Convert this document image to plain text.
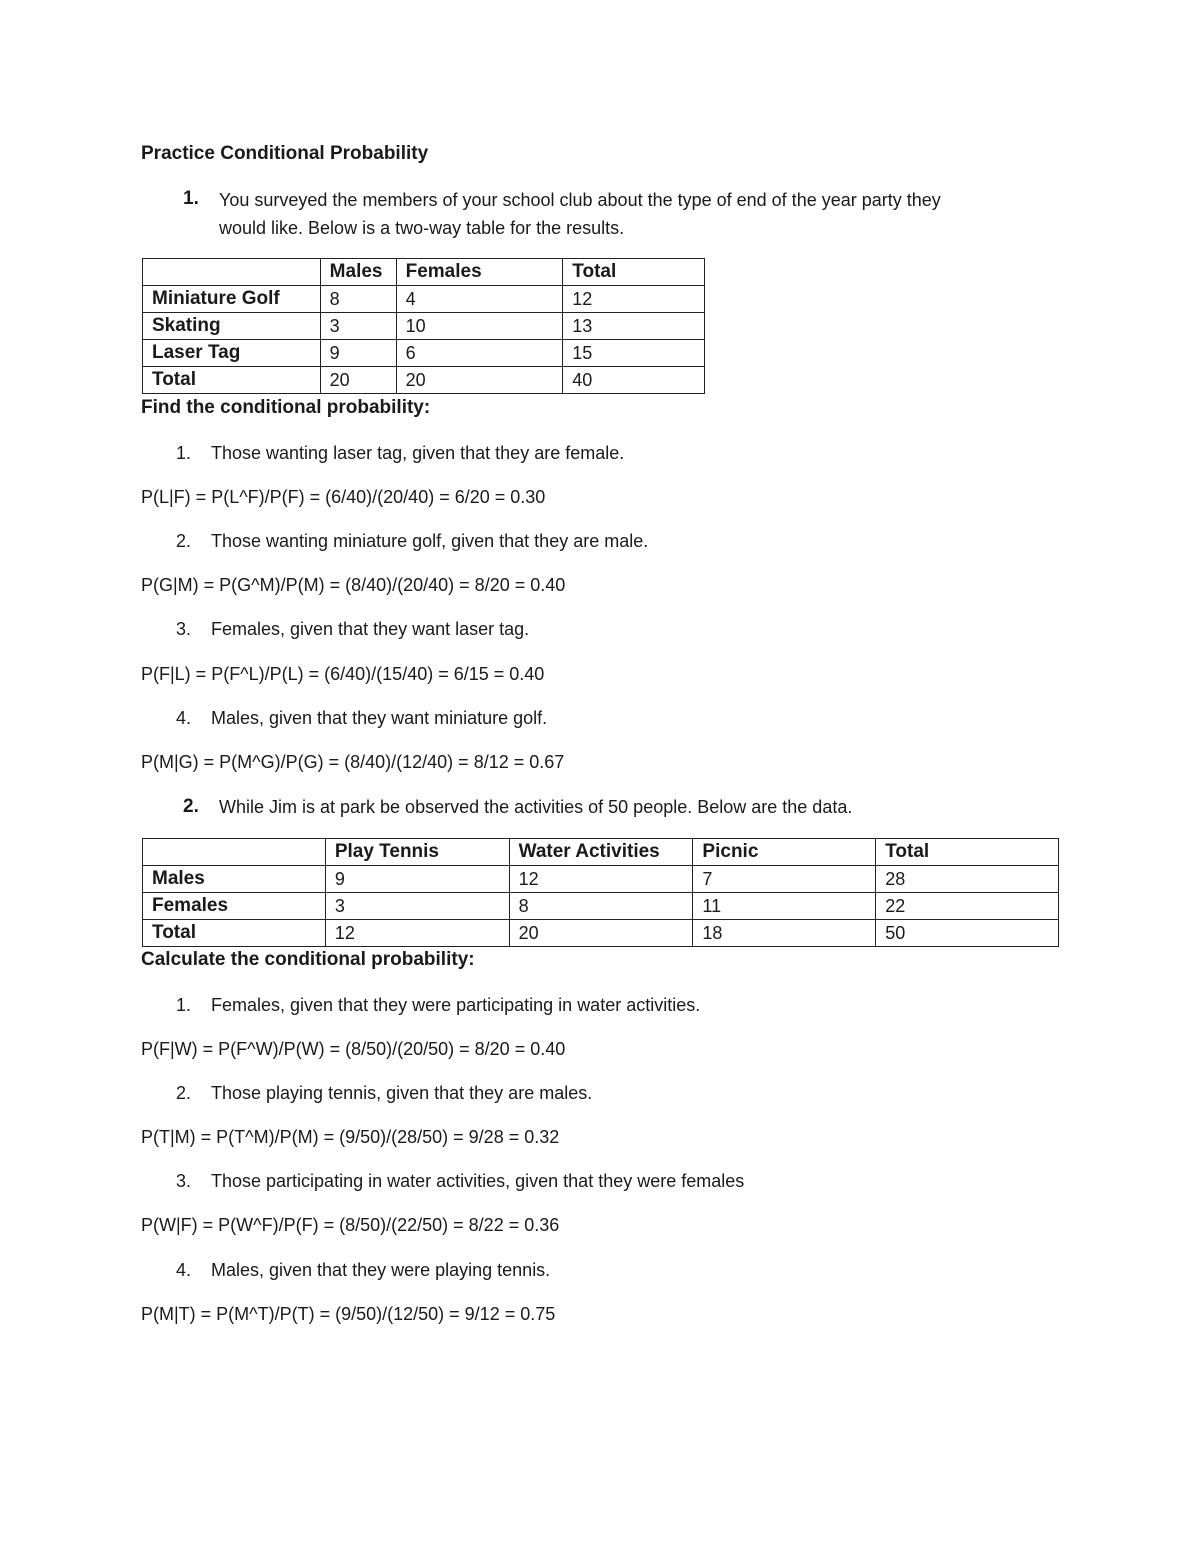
Practice Conditional Probability
1. You surveyed the members of your school club about the type of end of the year party they
would like. Below is a two-way table for the results.
	Males	Females	Total
Miniature Golf	8	4	12
Skating	3	10	13
Laser Tag	9	6	15
Total	20	20	40
Find the conditional probability:
1. Those wanting laser tag, given that they are female.
P(L|F) = P(L^F)/P(F) = (6/40)/(20/40) = 6/20 = 0.30
2. Those wanting miniature golf, given that they are male.
P(G|M) = P(G^M)/P(M) = (8/40)/(20/40) = 8/20 = 0.40
3. Females, given that they want laser tag.
P(F|L) = P(F^L)/P(L) = (6/40)/(15/40) = 6/15 = 0.40
4. Males, given that they want miniature golf.
P(M|G) = P(M^G)/P(G) = (8/40)/(12/40) = 8/12 = 0.67
2. While Jim is at park be observed the activities of 50 people. Below are the data.
	Play Tennis	Water Activities	Picnic	Total
Males	9	12	7	28
Females	3	8	11	22
Total	12	20	18	50
Calculate the conditional probability:
1. Females, given that they were participating in water activities.
P(F|W) = P(F^W)/P(W) = (8/50)/(20/50) = 8/20 = 0.40
2. Those playing tennis, given that they are males.
P(T|M) = P(T^M)/P(M) = (9/50)/(28/50) = 9/28 = 0.32
3. Those participating in water activities, given that they were females
P(W|F) = P(W^F)/P(F) = (8/50)/(22/50) = 8/22 = 0.36
4. Males, given that they were playing tennis.
P(M|T) = P(M^T)/P(T) = (9/50)/(12/50) = 9/12 = 0.75
